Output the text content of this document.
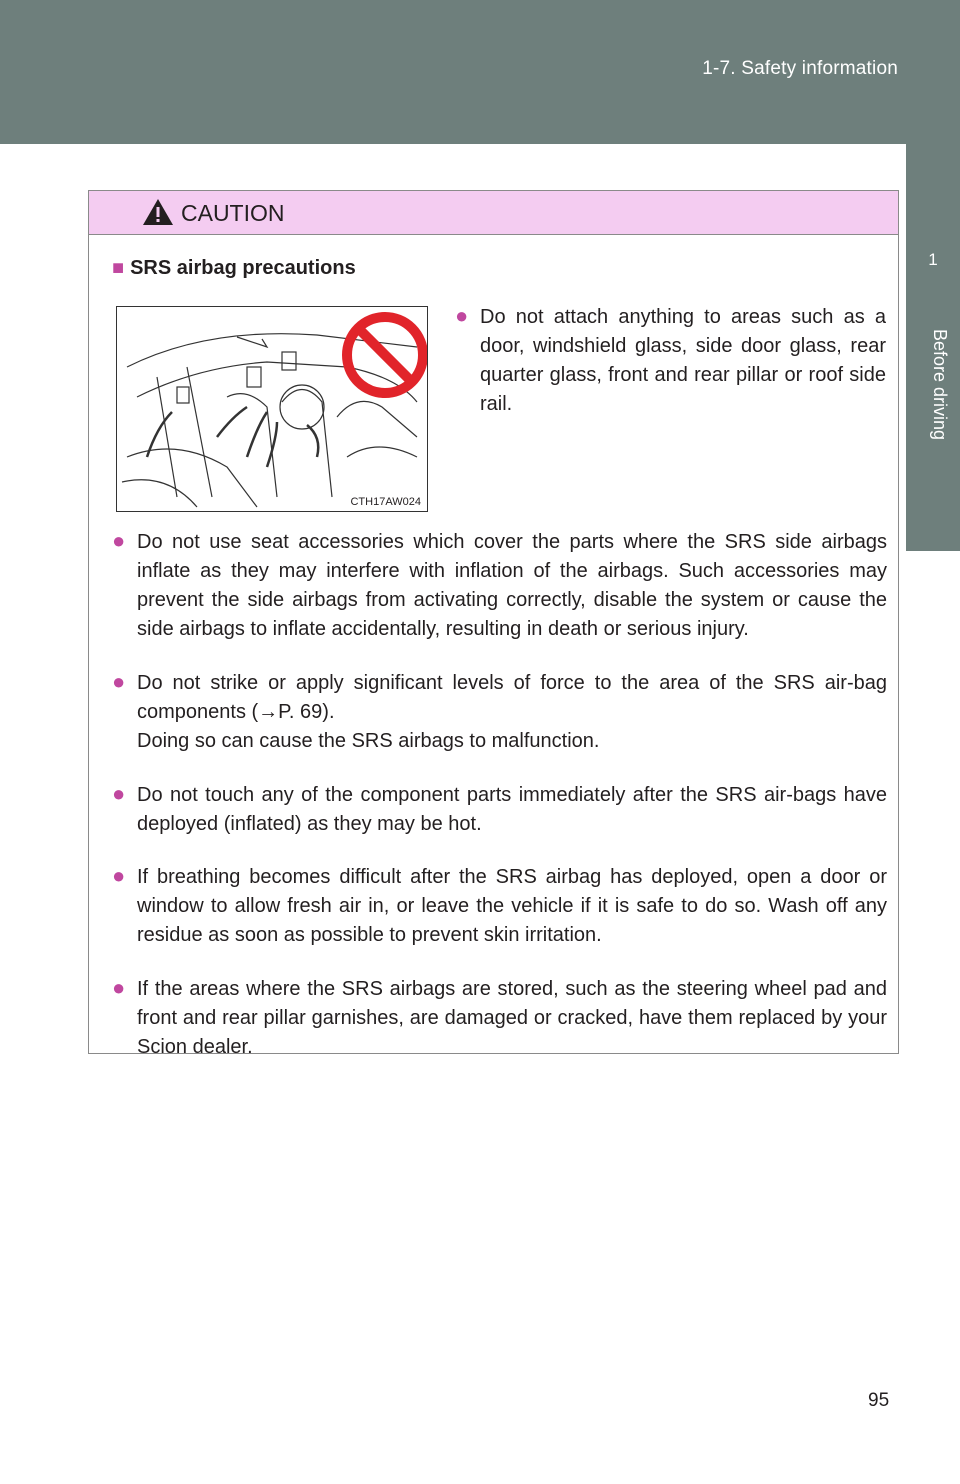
1-7. Safety information
1
Before driving
CAUTION
■ SRS airbag precautions
CTH17AW024
● Do not attach anything to areas such as a door, windshield glass, side door glass, rear quarter glass, front and rear pillar or roof side rail.
● Do not use seat accessories which cover the parts where the SRS side airbags inflate as they may interfere with inflation of the airbags. Such accessories may prevent the side airbags from activating correctly, disable the system or cause the side airbags to inflate accidentally, resulting in death or serious injury.
● Do not strike or apply significant levels of force to the area of the SRS air-bag components (→P. 69).
Doing so can cause the SRS airbags to malfunction.
● Do not touch any of the component parts immediately after the SRS air-bags have deployed (inflated) as they may be hot.
● If breathing becomes difficult after the SRS airbag has deployed, open a door or window to allow fresh air in, or leave the vehicle if it is safe to do so. Wash off any residue as soon as possible to prevent skin irritation.
● If the areas where the SRS airbags are stored, such as the steering wheel pad and front and rear pillar garnishes, are damaged or cracked, have them replaced by your Scion dealer.
95
